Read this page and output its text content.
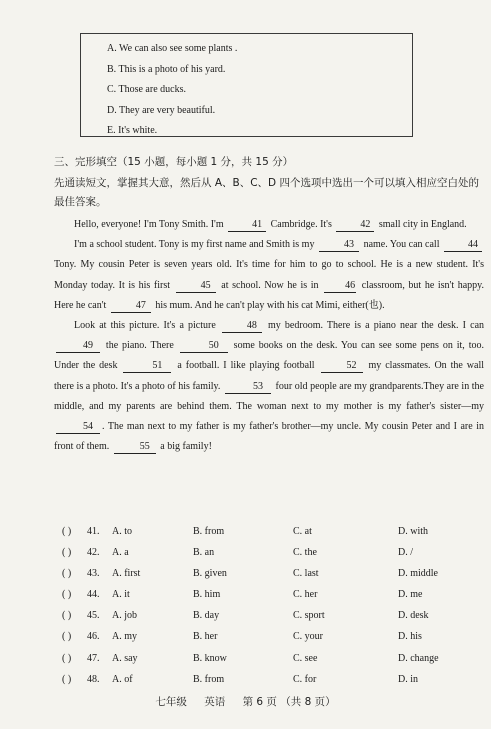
A. We can also see some plants .
B. This is a photo of his yard.
C. Those are ducks.
D. They are very beautiful.
E. It's white.
三、完形填空（15 小题，每小题 1 分，共 15 分）
先通读短文，掌握其大意，然后从 A、B、C、D 四个选项中选出一个可以填入相应空白处的最佳答案。

Hello, everyone! I'm Tony Smith. I'm	41 Cambridge. It's	42 small city in England.

I'm a school student. Tony is my first name and Smith is my	43 name. You can call	44 Tony. My cousin Peter is seven years old. It's time for him to go to school. He is a new student. It's Monday today. It is his first	45 at school. Now he is in	46 classroom, but he isn't happy. Here he can't	47 his mum. And he can't play with his cat Mimi, either(也).

Look at this picture. It's a picture	48 my bedroom. There is a piano near the desk. I can 49 the piano. There	50 some books on the desk. You can see some pens on it, too. Under the desk	51 a football. I like playing football	52 my classmates. On the wall there is a photo. It's a photo of his family.	53 four old people are my grandparents.They are in the middle, and my parents are behind them. The woman next to my mother is my father's sister—my 54 . The man next to my father is my father's brother—my uncle. My cousin Peter and I are in front of them.	55 a big family!

( ) 41. A. to	B. from	C. at	D. with
( ) 42. A. a	B. an	C. the	D. /
( ) 43. A. first	B. given	C. last	D. middle
( ) 44. A. it	B. him	C. her	D. me
( ) 45. A. job	B. day	C. sport	D. desk
( ) 46. A. my	B. her	C. your	D. his
( ) 47. A. say	B. know	C. see	D. change
( ) 48. A. of	B. from	C. for	D. in
七年级 英语 第 6 页 （共 8 页）
